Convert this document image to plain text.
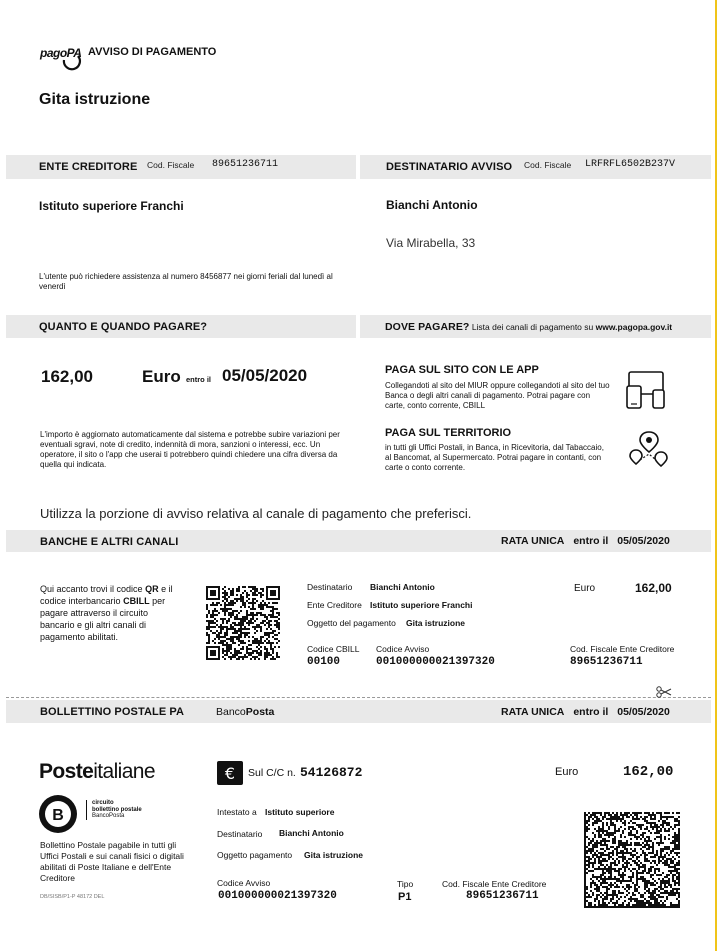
pagoPA AVVISO DI PAGAMENTO
Gita istruzione
ENTE CREDITORE Cod. Fiscale 89651236711	DESTINATARIO AVVISO Cod. Fiscale LRFRFL6502B237V
Istituto superiore Franchi	Bianchi Antonio
Via Mirabella, 33
L'utente può richiedere assistenza al numero 8456877 nei giorni feriali dal lunedì al venerdì
QUANTO E QUANDO PAGARE?	DOVE PAGARE? Lista dei canali di pagamento su www.pagopa.gov.it
162,00	Euro entro il 05/05/2020
L'importo è aggiornato automaticamente dal sistema e potrebbe subire variazioni per eventuali sgravi, note di credito, indennità di mora, sanzioni o interessi, ecc. Un operatore, il sito o l'app che userai ti potrebbero quindi chiedere una cifra diversa da quella qui indicata.
PAGA SUL SITO CON LE APP
Collegandoti al sito del MIUR oppure collegandoti al sito del tuo Banca o degli altri canali di pagamento. Potrai pagare con carte, conto corrente, CBILL
PAGA SUL TERRITORIO
in tutti gli Uffici Postali, in Banca, in Ricevitoria, dal Tabaccaio, al Bancomat, al Supermercato. Potrai pagare in contanti, con carte o conto corrente.
Utilizza la porzione di avviso relativa al canale di pagamento che preferisci.
BANCHE E ALTRI CANALI	RATA UNICA entro il 05/05/2020
Qui accanto trovi il codice QR e il codice interbancario CBILL per pagare attraverso il circuito bancario e gli altri canali di pagamento abilitati.
Destinatario Bianchi Antonio
Ente Creditore Istituto superiore Franchi
Oggetto del pagamento Gita istruzione
Codice CBILL
00100
Codice Avviso
001000000021397320
Euro	162,00
Cod. Fiscale Ente Creditore
89651236711
BOLLETTINO POSTALE PA	BancoPosta	RATA UNICA entro il 05/05/2020
Posteitaliane
B
circuito
bollettino postale
BancoPosta
Bollettino Postale pagabile in tutti gli Uffici Postali e sui canali fisici o digitali abilitati di Poste Italiane e dell'Ente Creditore
DB/SISB/P1-P 48172 DEL
€ Sul C/C n. 54126872	Euro	162,00
Intestato a Istituto superiore
Destinatario Bianchi Antonio
Oggetto pagamento Gita istruzione
Codice Avviso
001000000021397320
Tipo
P1
Cod. Fiscale Ente Creditore
89651236711
